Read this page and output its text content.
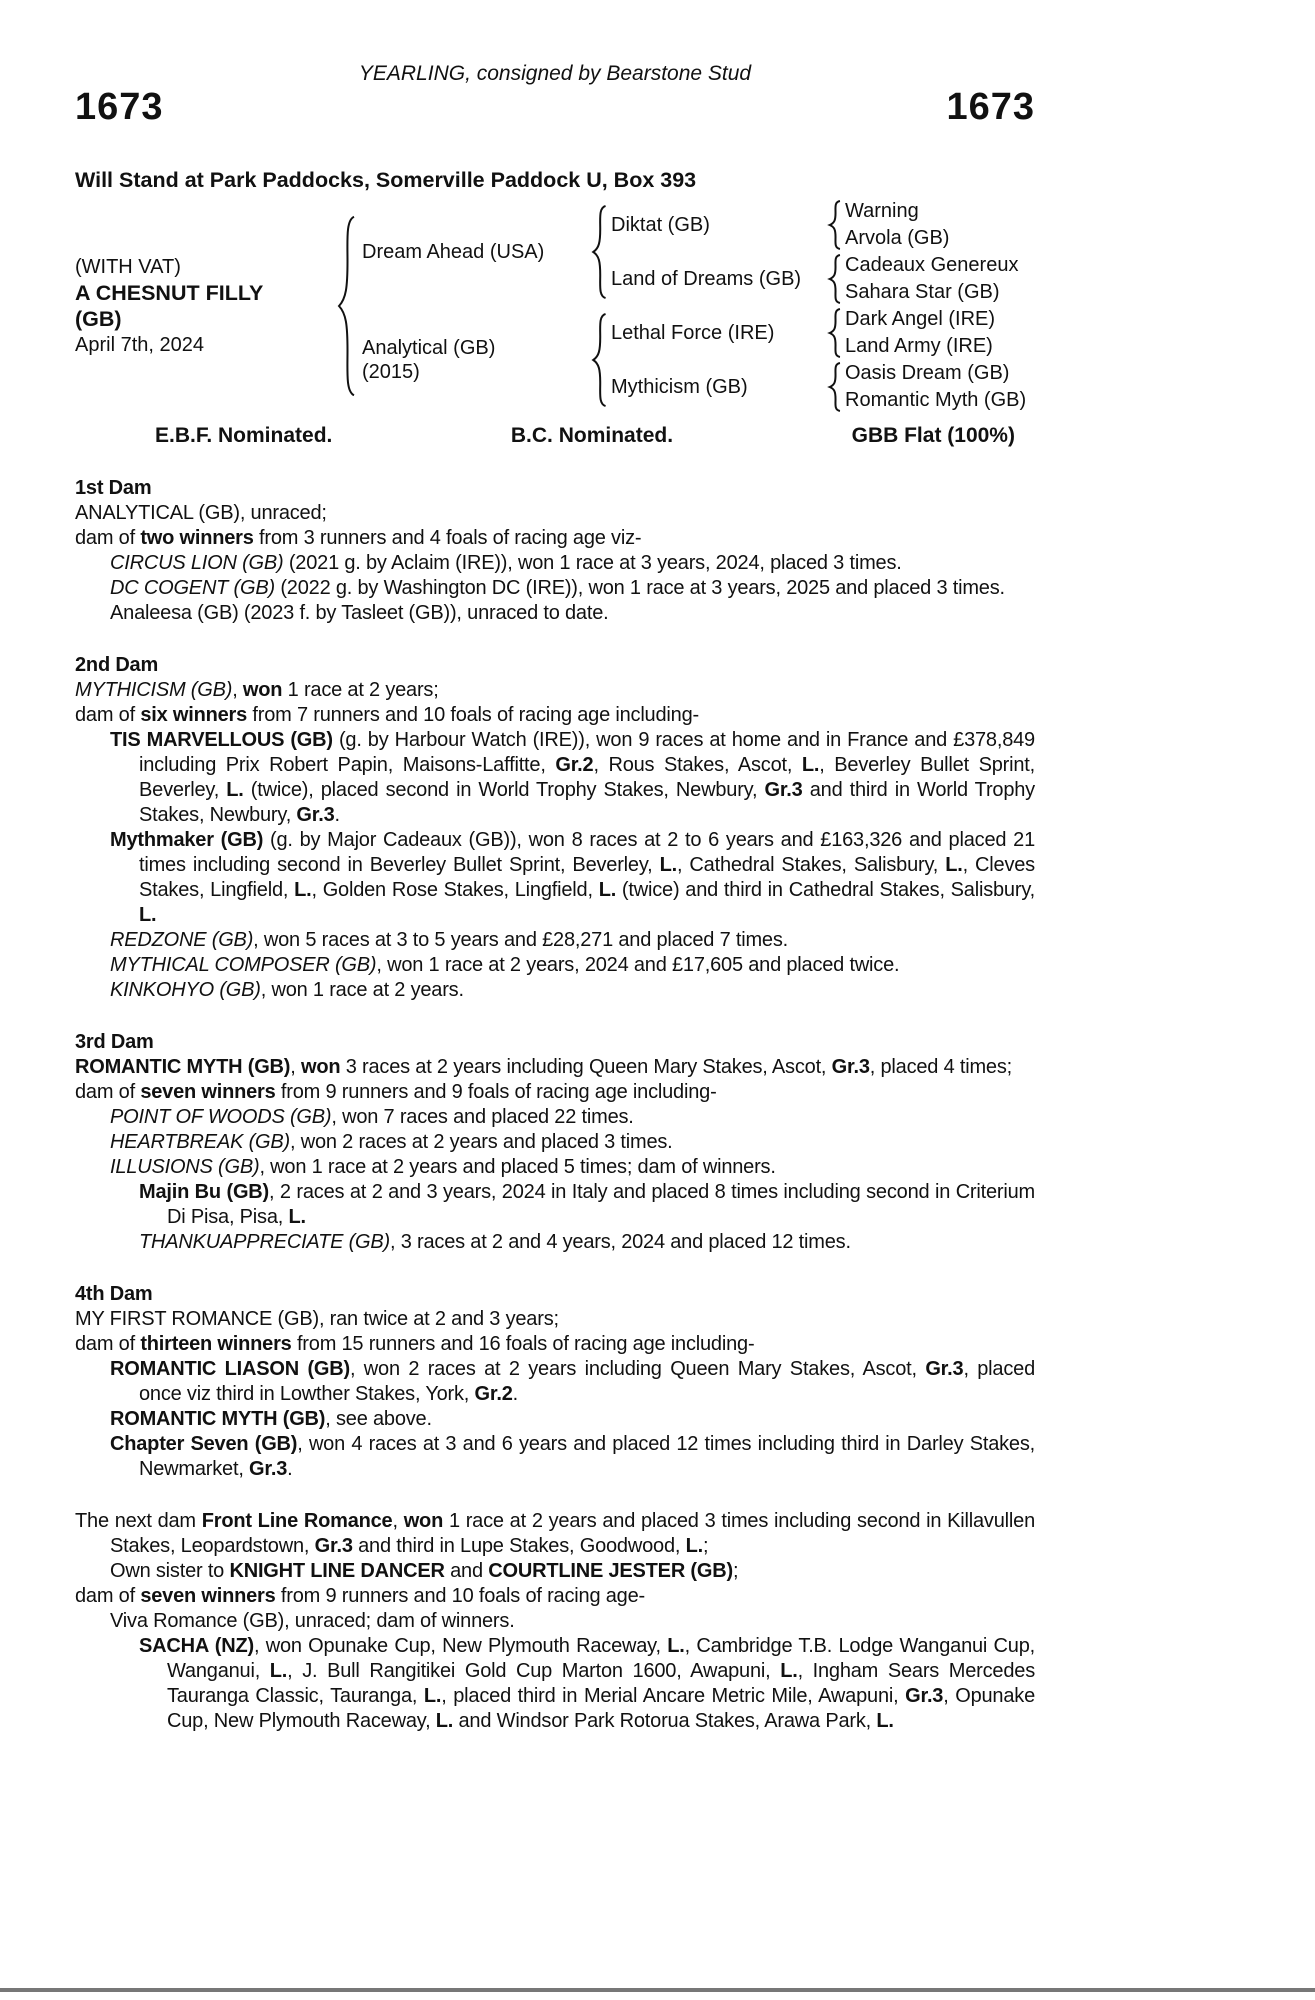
YEARLING, consigned by Bearstone Stud
1673	1673
Will Stand at Park Paddocks, Somerville Paddock U, Box 393
(WITH VAT)
A CHESNUT FILLY
(GB)
April 7th, 2024
Dream Ahead (USA)
Diktat (GB)
Warning
Arvola (GB)
Land of Dreams (GB)
Cadeaux Genereux
Sahara Star (GB)
Analytical (GB)
(2015)
Lethal Force (IRE)
Dark Angel (IRE)
Land Army (IRE)
Mythicism (GB)
Oasis Dream (GB)
Romantic Myth (GB)
E.B.F. Nominated.	B.C. Nominated.	GBB Flat (100%)
1st Dam
ANALYTICAL (GB), unraced;
dam of two winners from 3 runners and 4 foals of racing age viz-
CIRCUS LION (GB) (2021 g. by Aclaim (IRE)), won 1 race at 3 years, 2024, placed 3 times.
DC COGENT (GB) (2022 g. by Washington DC (IRE)), won 1 race at 3 years, 2025 and placed 3 times.
Analeesa (GB) (2023 f. by Tasleet (GB)), unraced to date.
2nd Dam
MYTHICISM (GB), won 1 race at 2 years;
dam of six winners from 7 runners and 10 foals of racing age including-
TIS MARVELLOUS (GB) (g. by Harbour Watch (IRE)), won 9 races at home and in France and £378,849 including Prix Robert Papin, Maisons-Laffitte, Gr.2, Rous Stakes, Ascot, L., Beverley Bullet Sprint, Beverley, L. (twice), placed second in World Trophy Stakes, Newbury, Gr.3 and third in World Trophy Stakes, Newbury, Gr.3.
Mythmaker (GB) (g. by Major Cadeaux (GB)), won 8 races at 2 to 6 years and £163,326 and placed 21 times including second in Beverley Bullet Sprint, Beverley, L., Cathedral Stakes, Salisbury, L., Cleves Stakes, Lingfield, L., Golden Rose Stakes, Lingfield, L. (twice) and third in Cathedral Stakes, Salisbury, L.
REDZONE (GB), won 5 races at 3 to 5 years and £28,271 and placed 7 times.
MYTHICAL COMPOSER (GB), won 1 race at 2 years, 2024 and £17,605 and placed twice.
KINKOHYO (GB), won 1 race at 2 years.
3rd Dam
ROMANTIC MYTH (GB), won 3 races at 2 years including Queen Mary Stakes, Ascot, Gr.3, placed 4 times;
dam of seven winners from 9 runners and 9 foals of racing age including-
POINT OF WOODS (GB), won 7 races and placed 22 times.
HEARTBREAK (GB), won 2 races at 2 years and placed 3 times.
ILLUSIONS (GB), won 1 race at 2 years and placed 5 times; dam of winners.
Majin Bu (GB), 2 races at 2 and 3 years, 2024 in Italy and placed 8 times including second in Criterium Di Pisa, Pisa, L.
THANKUAPPRECIATE (GB), 3 races at 2 and 4 years, 2024 and placed 12 times.
4th Dam
MY FIRST ROMANCE (GB), ran twice at 2 and 3 years;
dam of thirteen winners from 15 runners and 16 foals of racing age including-
ROMANTIC LIASON (GB), won 2 races at 2 years including Queen Mary Stakes, Ascot, Gr.3, placed once viz third in Lowther Stakes, York, Gr.2.
ROMANTIC MYTH (GB), see above.
Chapter Seven (GB), won 4 races at 3 and 6 years and placed 12 times including third in Darley Stakes, Newmarket, Gr.3.
The next dam Front Line Romance, won 1 race at 2 years and placed 3 times including second in Killavullen Stakes, Leopardstown, Gr.3 and third in Lupe Stakes, Goodwood, L.;
Own sister to KNIGHT LINE DANCER and COURTLINE JESTER (GB);
dam of seven winners from 9 runners and 10 foals of racing age-
Viva Romance (GB), unraced; dam of winners.
SACHA (NZ), won Opunake Cup, New Plymouth Raceway, L., Cambridge T.B. Lodge Wanganui Cup, Wanganui, L., J. Bull Rangitikei Gold Cup Marton 1600, Awapuni, L., Ingham Sears Mercedes Tauranga Classic, Tauranga, L., placed third in Merial Ancare Metric Mile, Awapuni, Gr.3, Opunake Cup, New Plymouth Raceway, L. and Windsor Park Rotorua Stakes, Arawa Park, L.
